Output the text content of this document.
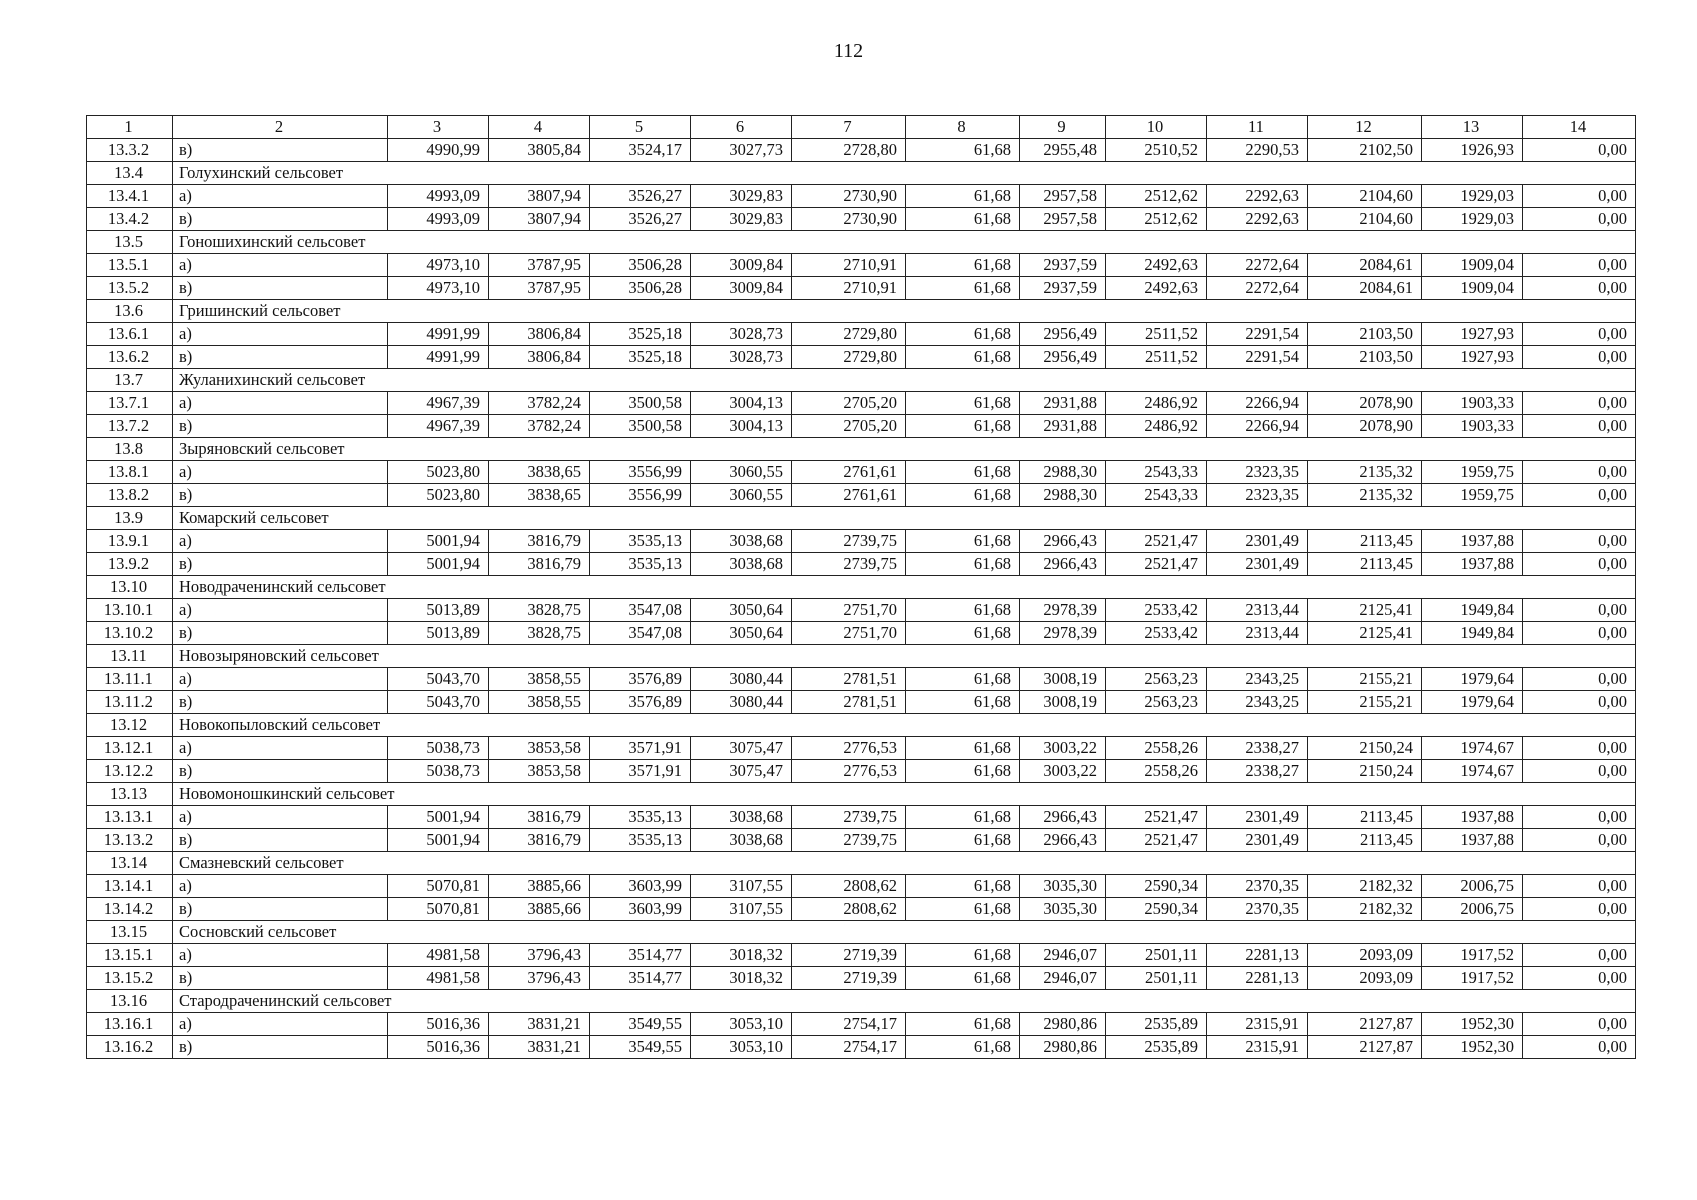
112
1	2	3	4	5	6	7	8	9	10	11	12	13	14
13.3.2	в)	4990,99	3805,84	3524,17	3027,73	2728,80	61,68	2955,48	2510,52	2290,53	2102,50	1926,93	0,00
13.4	Голухинский сельсовет												
13.4.1	а)	4993,09	3807,94	3526,27	3029,83	2730,90	61,68	2957,58	2512,62	2292,63	2104,60	1929,03	0,00
13.4.2	в)	4993,09	3807,94	3526,27	3029,83	2730,90	61,68	2957,58	2512,62	2292,63	2104,60	1929,03	0,00
13.5	Гоношихинский сельсовет												
13.5.1	а)	4973,10	3787,95	3506,28	3009,84	2710,91	61,68	2937,59	2492,63	2272,64	2084,61	1909,04	0,00
13.5.2	в)	4973,10	3787,95	3506,28	3009,84	2710,91	61,68	2937,59	2492,63	2272,64	2084,61	1909,04	0,00
13.6	Гришинский сельсовет												
13.6.1	а)	4991,99	3806,84	3525,18	3028,73	2729,80	61,68	2956,49	2511,52	2291,54	2103,50	1927,93	0,00
13.6.2	в)	4991,99	3806,84	3525,18	3028,73	2729,80	61,68	2956,49	2511,52	2291,54	2103,50	1927,93	0,00
13.7	Жуланихинский сельсовет												
13.7.1	а)	4967,39	3782,24	3500,58	3004,13	2705,20	61,68	2931,88	2486,92	2266,94	2078,90	1903,33	0,00
13.7.2	в)	4967,39	3782,24	3500,58	3004,13	2705,20	61,68	2931,88	2486,92	2266,94	2078,90	1903,33	0,00
13.8	Зыряновский сельсовет												
13.8.1	а)	5023,80	3838,65	3556,99	3060,55	2761,61	61,68	2988,30	2543,33	2323,35	2135,32	1959,75	0,00
13.8.2	в)	5023,80	3838,65	3556,99	3060,55	2761,61	61,68	2988,30	2543,33	2323,35	2135,32	1959,75	0,00
13.9	Комарский сельсовет												
13.9.1	а)	5001,94	3816,79	3535,13	3038,68	2739,75	61,68	2966,43	2521,47	2301,49	2113,45	1937,88	0,00
13.9.2	в)	5001,94	3816,79	3535,13	3038,68	2739,75	61,68	2966,43	2521,47	2301,49	2113,45	1937,88	0,00
13.10	Новодраченинский сельсовет												
13.10.1	а)	5013,89	3828,75	3547,08	3050,64	2751,70	61,68	2978,39	2533,42	2313,44	2125,41	1949,84	0,00
13.10.2	в)	5013,89	3828,75	3547,08	3050,64	2751,70	61,68	2978,39	2533,42	2313,44	2125,41	1949,84	0,00
13.11	Новозыряновский сельсовет												
13.11.1	а)	5043,70	3858,55	3576,89	3080,44	2781,51	61,68	3008,19	2563,23	2343,25	2155,21	1979,64	0,00
13.11.2	в)	5043,70	3858,55	3576,89	3080,44	2781,51	61,68	3008,19	2563,23	2343,25	2155,21	1979,64	0,00
13.12	Новокопыловский сельсовет												
13.12.1	а)	5038,73	3853,58	3571,91	3075,47	2776,53	61,68	3003,22	2558,26	2338,27	2150,24	1974,67	0,00
13.12.2	в)	5038,73	3853,58	3571,91	3075,47	2776,53	61,68	3003,22	2558,26	2338,27	2150,24	1974,67	0,00
13.13	Новомоношкинский сельсовет												
13.13.1	а)	5001,94	3816,79	3535,13	3038,68	2739,75	61,68	2966,43	2521,47	2301,49	2113,45	1937,88	0,00
13.13.2	в)	5001,94	3816,79	3535,13	3038,68	2739,75	61,68	2966,43	2521,47	2301,49	2113,45	1937,88	0,00
13.14	Смазневский сельсовет												
13.14.1	а)	5070,81	3885,66	3603,99	3107,55	2808,62	61,68	3035,30	2590,34	2370,35	2182,32	2006,75	0,00
13.14.2	в)	5070,81	3885,66	3603,99	3107,55	2808,62	61,68	3035,30	2590,34	2370,35	2182,32	2006,75	0,00
13.15	Сосновский сельсовет												
13.15.1	а)	4981,58	3796,43	3514,77	3018,32	2719,39	61,68	2946,07	2501,11	2281,13	2093,09	1917,52	0,00
13.15.2	в)	4981,58	3796,43	3514,77	3018,32	2719,39	61,68	2946,07	2501,11	2281,13	2093,09	1917,52	0,00
13.16	Стародраченинский сельсовет												
13.16.1	а)	5016,36	3831,21	3549,55	3053,10	2754,17	61,68	2980,86	2535,89	2315,91	2127,87	1952,30	0,00
13.16.2	в)	5016,36	3831,21	3549,55	3053,10	2754,17	61,68	2980,86	2535,89	2315,91	2127,87	1952,30	0,00
